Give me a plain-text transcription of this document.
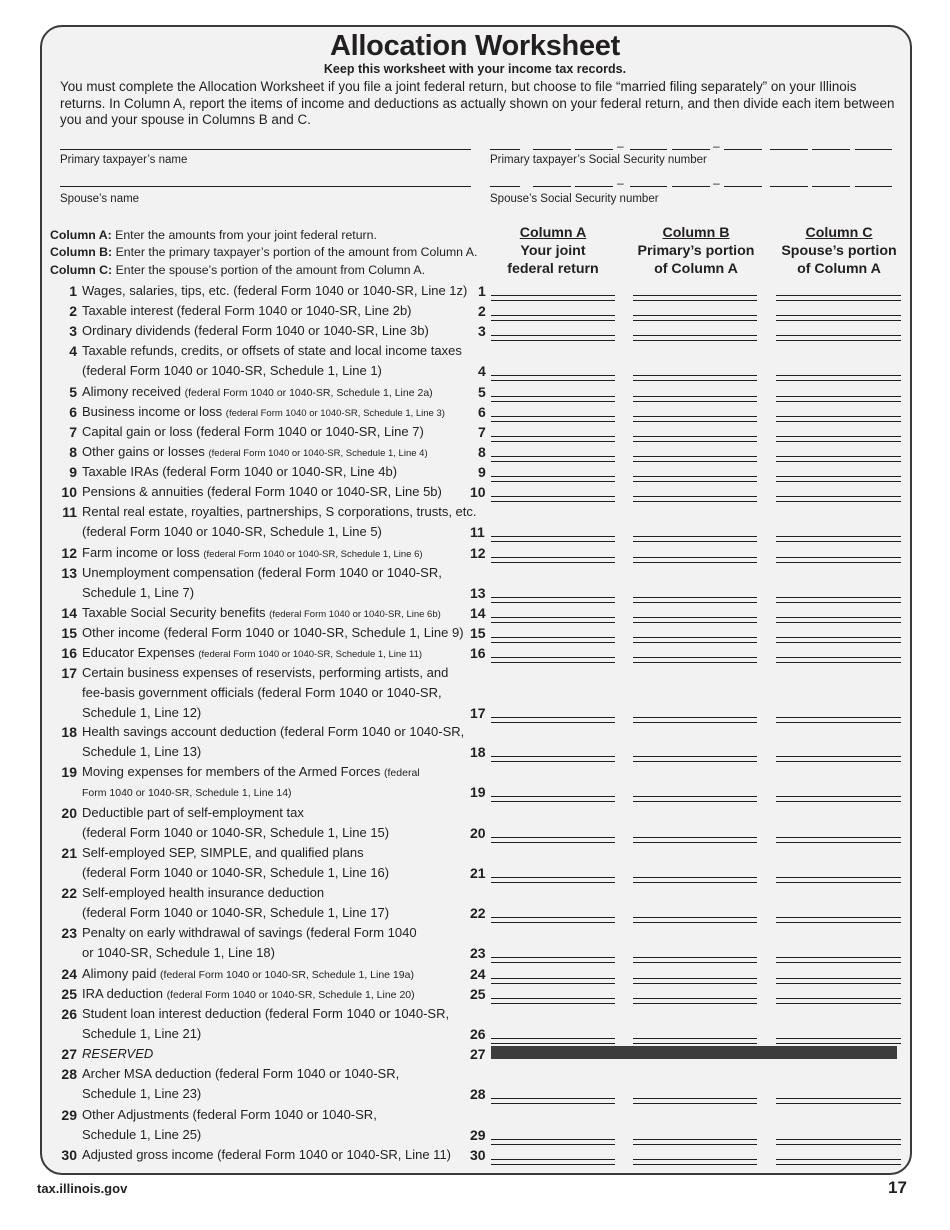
Allocation Worksheet
Keep this worksheet with your income tax records.
You must complete the Allocation Worksheet if you file a joint federal return, but choose to file “married filing separately” on your Illinois returns. In Column A, report the items of income and deductions as actually shown on your federal return, and then divide each item between you and your spouse in Columns B and C.
Primary taxpayer’s name
Spouse’s name
–	–
Primary taxpayer’s Social Security number
–	–
Spouse’s Social Security number
Column A: Enter the amounts from your joint federal return.
Column B: Enter the primary taxpayer’s portion of the amount from Column A.
Column C: Enter the spouse’s portion of the amount from Column A.
Column A
Your joint
federal return
Column B
Primary’s portion
of Column A
Column C
Spouse’s portion
of Column A
1 Wages, salaries, tips, etc. (federal Form 1040 or 1040-SR, Line 1z) 1
2 Taxable interest (federal Form 1040 or 1040-SR, Line 2b)	2
3 Ordinary dividends (federal Form 1040 or 1040-SR, Line 3b)	3
4 Taxable refunds, credits, or offsets of state and local income taxes
(federal Form 1040 or 1040-SR, Schedule 1, Line 1)	4
5 Alimony received (federal Form 1040 or 1040-SR, Schedule 1, Line 2a)	5
6 Business income or loss (federal Form 1040 or 1040-SR, Schedule 1, Line 3) 6
7 Capital gain or loss (federal Form 1040 or 1040-SR, Line 7)	7
8 Other gains or losses (federal Form 1040 or 1040-SR, Schedule 1, Line 4)	8
9 Taxable IRAs (federal Form 1040 or 1040-SR, Line 4b)	9
10 Pensions & annuities (federal Form 1040 or 1040-SR, Line 5b) 10
11 Rental real estate, royalties, partnerships, S corporations, trusts, etc.
(federal Form 1040 or 1040-SR, Schedule 1, Line 5)	11
12 Farm income or loss (federal Form 1040 or 1040-SR, Schedule 1, Line 6)	12
13 Unemployment compensation (federal Form 1040 or 1040-SR,
Schedule 1, Line 7)	13
14 Taxable Social Security benefits (federal Form 1040 or 1040-SR, Line 6b) 14
15 Other income (federal Form 1040 or 1040-SR, Schedule 1, Line 9) 15
16 Educator Expenses (federal Form 1040 or 1040-SR, Schedule 1, Line 11)	16
17 Certain business expenses of reservists, performing artists, and
fee-basis government officials (federal Form 1040 or 1040-SR,
Schedule 1, Line 12)	17
18 Health savings account deduction (federal Form 1040 or 1040-SR,
Schedule 1, Line 13)	18
19 Moving expenses for members of the Armed Forces (federal
Form 1040 or 1040-SR, Schedule 1, Line 14)	19
20 Deductible part of self-employment tax
(federal Form 1040 or 1040-SR, Schedule 1, Line 15)	20
21 Self-employed SEP, SIMPLE, and qualified plans
(federal Form 1040 or 1040-SR, Schedule 1, Line 16)	21
22 Self-employed health insurance deduction
(federal Form 1040 or 1040-SR, Schedule 1, Line 17)	22
23 Penalty on early withdrawal of savings (federal Form 1040
or 1040-SR, Schedule 1, Line 18)	23
24 Alimony paid (federal Form 1040 or 1040-SR, Schedule 1, Line 19a)	24
25 IRA deduction (federal Form 1040 or 1040-SR, Schedule 1, Line 20)	25
26 Student loan interest deduction (federal Form 1040 or 1040-SR,
Schedule 1, Line 21)	26
27 RESERVED	27
28 Archer MSA deduction (federal Form 1040 or 1040-SR,
Schedule 1, Line 23)	28
29 Other Adjustments (federal Form 1040 or 1040-SR,
Schedule 1, Line 25)	29
30 Adjusted gross income (federal Form 1040 or 1040-SR, Line 11) 30
tax.illinois.gov	17
